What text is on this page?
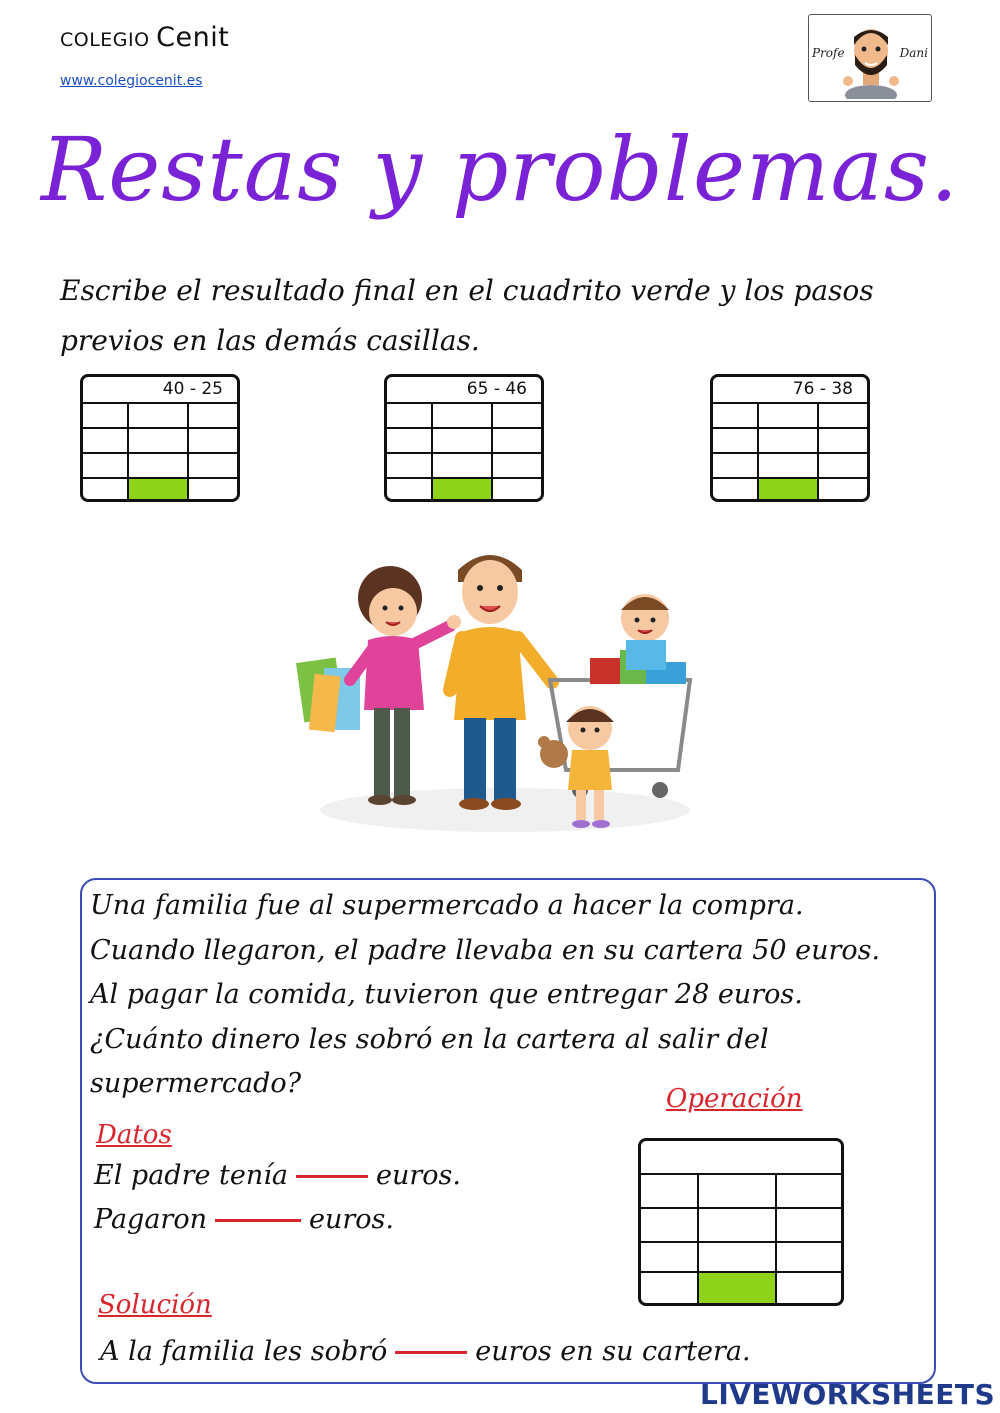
COLEGIO Cenit
www.colegiocenit.es
Profe	Dani
Restas y problemas.
Escribe el resultado final en el cuadrito verde y los pasos
previos en las demás casillas.
40 - 25	65 - 46	76 - 38
Una familia fue al supermercado a hacer la compra.
Cuando llegaron, el padre llevaba en su cartera 50 euros.
Al pagar la comida, tuvieron que entregar 28 euros.
¿Cuánto dinero les sobró en la cartera al salir del
supermercado?
Datos
El padre tenía	euros.
Pagaron	euros.
Operación
Solución
A la familia les sobró	euros en su cartera.
LIVEWORKSHEETS
